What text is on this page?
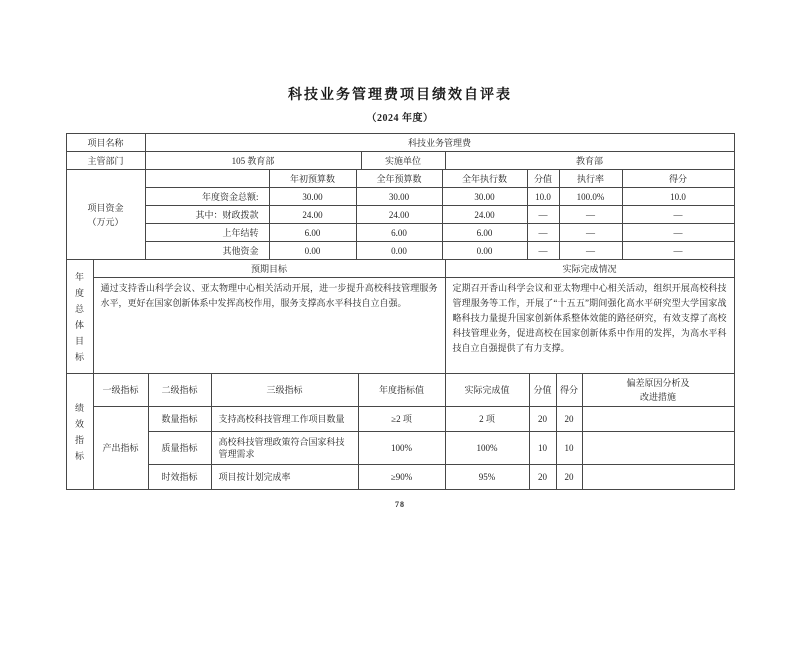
科技业务管理费项目绩效自评表
（2024 年度）
项目名称	科技业务管理费		
主管部门	105 教育部	实施单位	教育部
项目资金
（万元）		年初预算数	全年预算数	全年执行数	分值	执行率	得分
	年度资金总额:	30.00	30.00	30.00	10.0	100.0%	10.0
	其中：财政拨款	24.00	24.00	24.00	—	—	—
	上年结转	6.00	6.00	6.00	—	—	—
	其他资金	0.00	0.00	0.00	—	—	—
年度总体目标	预期目标	实际完成情况
	通过支持香山科学会议、亚太物理中心相关活动开展，进一步提升高校科技管理服务水平，更好在国家创新体系中发挥高校作用，服务支撑高水平科技自立自强。	定期召开香山科学会议和亚太物理中心相关活动，组织开展高校科技管理服务等工作，开展了“十五五”期间强化高水平研究型大学国家战略科技力量提升国家创新体系整体效能的路径研究，有效支撑了高校科技管理业务，促进高校在国家创新体系中作用的发挥，为高水平科技自立自强提供了有力支撑。
绩效指标	一级指标	二级指标	三级指标	年度指标值	实际完成值	分值	得分	偏差原因分析及
改进措施

	产出指标	数量指标	支持高校科技管理工作项目数量	≥2 项	2 项	20	20	
		质量指标	高校科技管理政策符合国家科技管理需求	100%	100%	10	10	
		时效指标	项目按计划完成率	≥90%	95%	20	20	
78
